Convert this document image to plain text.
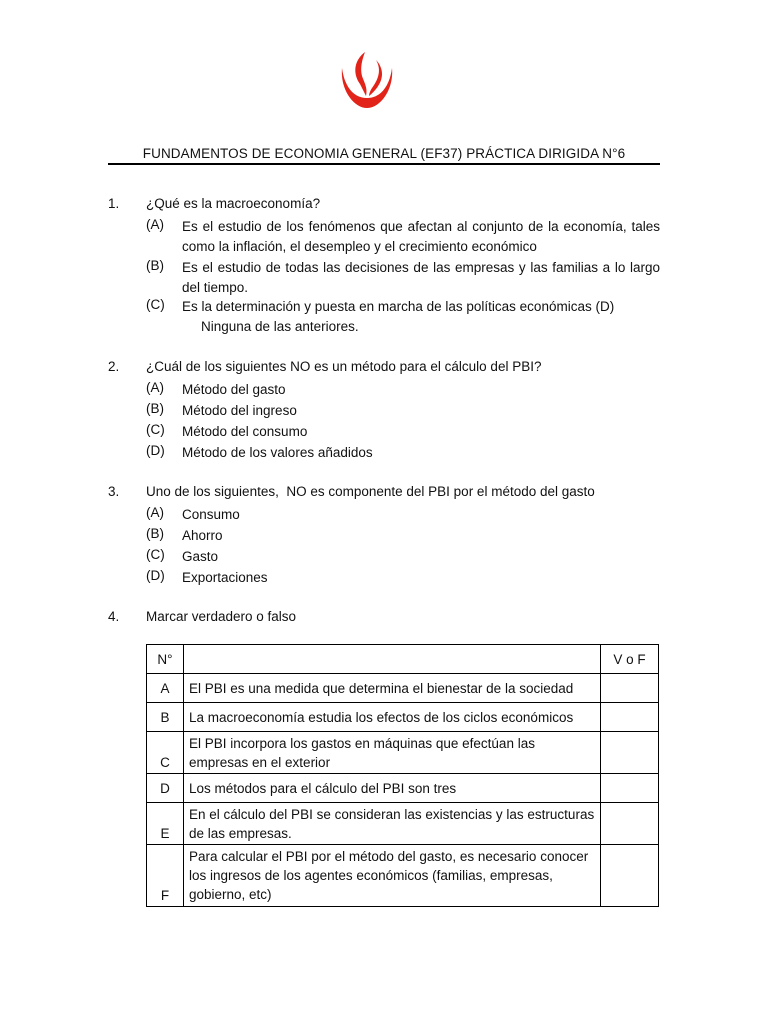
FUNDAMENTOS DE ECONOMIA GENERAL (EF37) PRÁCTICA DIRIGIDA N°6
1. ¿Qué es la macroeconomía?
(A) Es el estudio de los fenómenos que afectan al conjunto de la economía, tales como la inflación, el desempleo y el crecimiento económico
(B) Es el estudio de todas las decisiones de las empresas y las familias a lo largo del tiempo.
(C) Es la determinación y puesta en marcha de las políticas económicas (D)
Ninguna de las anteriores.
2. ¿Cuál de los siguientes NO es un método para el cálculo del PBI?
(A) Método del gasto
(B) Método del ingreso
(C) Método del consumo
(D) Método de los valores añadidos
3. Uno de los siguientes,  NO es componente del PBI por el método del gasto
(A) Consumo
(B) Ahorro
(C) Gasto
(D) Exportaciones
4. Marcar verdadero o falso
N°		V o F
A	El PBI es una medida que determina el bienestar de la sociedad	
B	La macroeconomía estudia los efectos de los ciclos económicos	
C	El PBI incorpora los gastos en máquinas que efectúan las empresas en el exterior	
D	Los métodos para el cálculo del PBI son tres	
E	En el cálculo del PBI se consideran las existencias y las estructuras de las empresas.	
F	Para calcular el PBI por el método del gasto, es necesario conocer los ingresos de los agentes económicos (familias, empresas, gobierno, etc)	
